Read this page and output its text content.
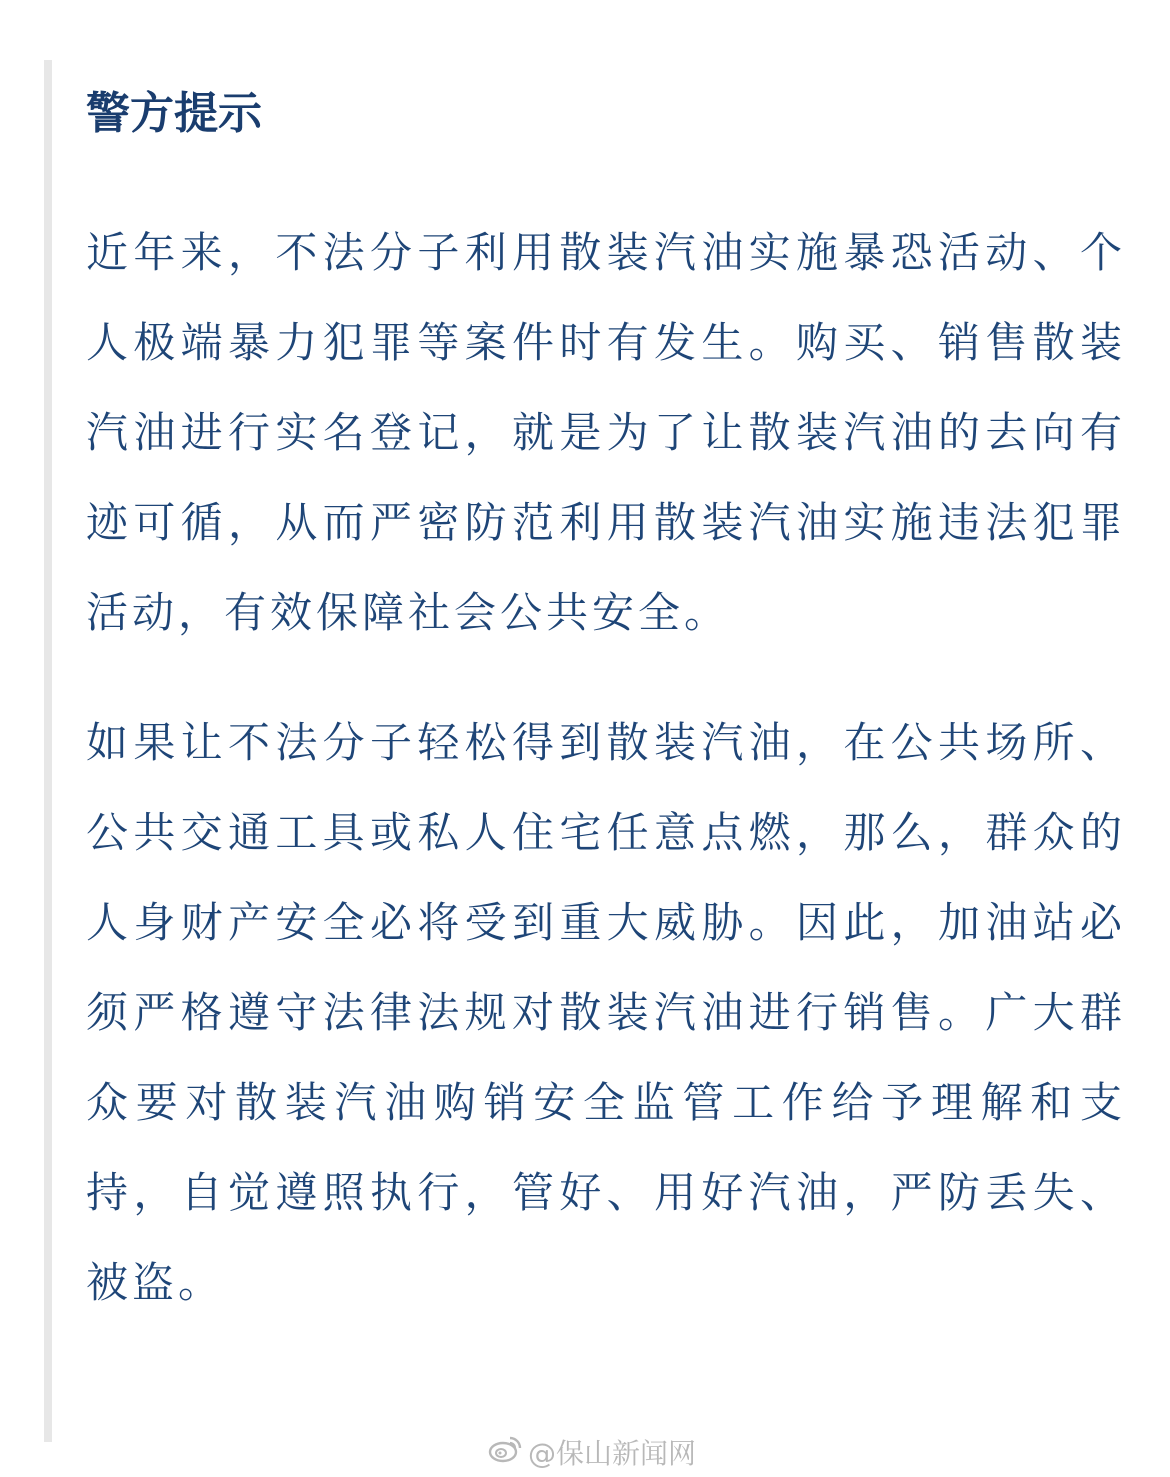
警方提示

近年来，不法分子利用散装汽油实施暴恐活动、个人极端暴力犯罪等案件时有发生。购买、销售散装汽油进行实名登记，就是为了让散装汽油的去向有迹可循，从而严密防范利用散装汽油实施违法犯罪活动，有效保障社会公共安全。

如果让不法分子轻松得到散装汽油，在公共场所、公共交通工具或私人住宅任意点燃，那么，群众的人身财产安全必将受到重大威胁。因此，加油站必须严格遵守法律法规对散装汽油进行销售。广大群众要对散装汽油购销安全监管工作给予理解和支持，自觉遵照执行，管好、用好汽油，严防丢失、被盗。

@保山新闻网
